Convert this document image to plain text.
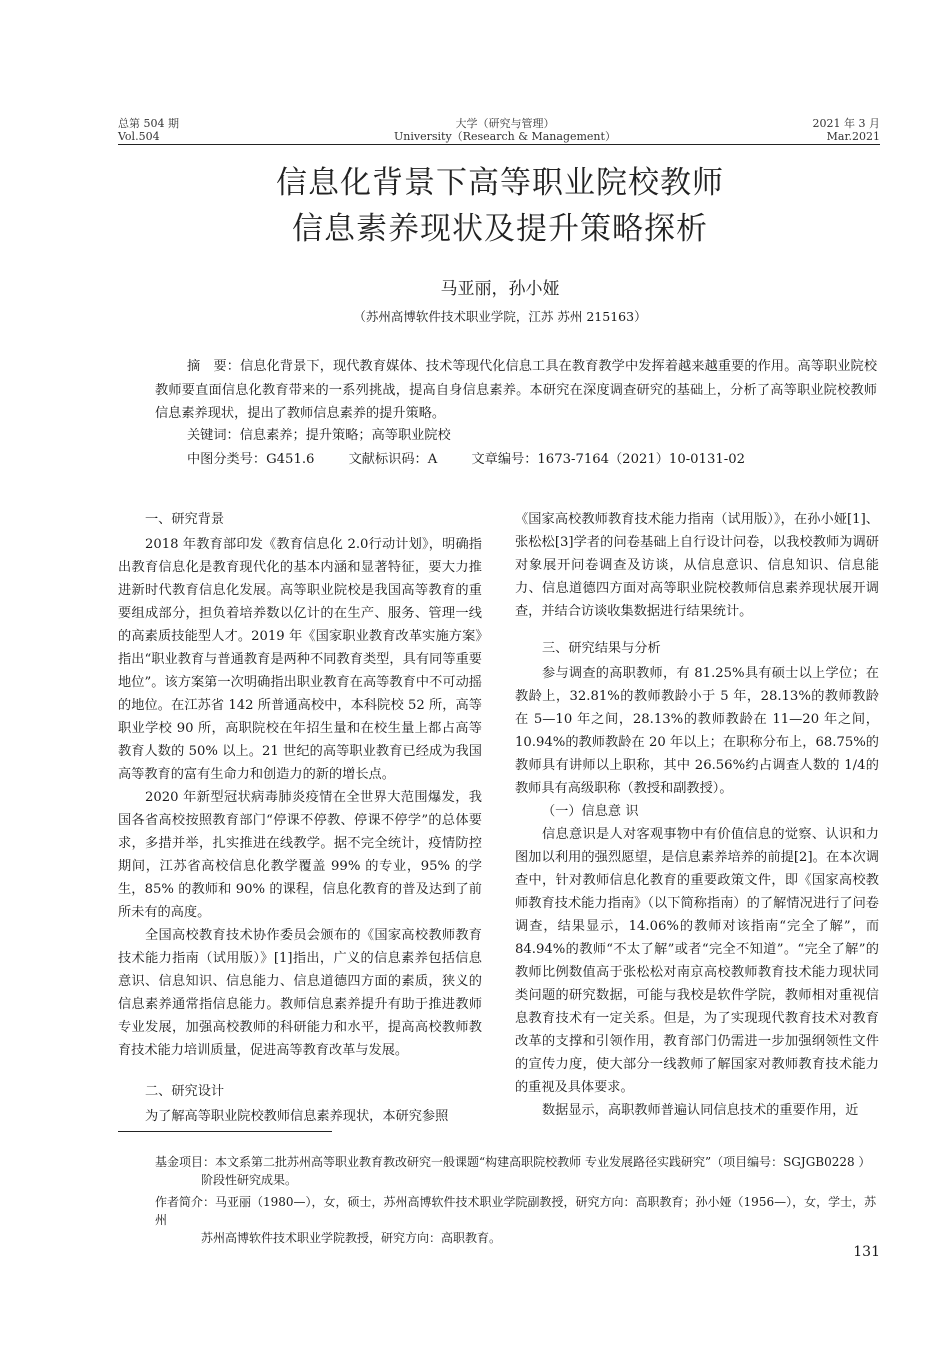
总第 504 期
Vol.504
大学（研究与管理）
University（Research & Management）
2021 年 3 月
Mar.2021
信息化背景下高等职业院校教师
信息素养现状及提升策略探析
马亚丽，孙小娅
（苏州高博软件技术职业学院，江苏 苏州 215163）

摘　要：信息化背景下，现代教育媒体、技术等现代化信息工具在教育教学中发挥着越来越重要的作用。高等职业院校教师要直面信息化教育带来的一系列挑战，提高自身信息素养。本研究在深度调查研究的基础上，分析了高等职业院校教师信息素养现状，提出了教师信息素养的提升策略。

关键词：信息素养；提升策略；高等职业院校
中图分类号：G451.6	文献标识码：A	文章编号：1673-7164（2021）10-0131-02

一、研究背景

2018 年教育部印发《教育信息化 2.0行动计划》，明确指出教育信息化是教育现代化的基本内涵和显著特征，要大力推进新时代教育信息化发展。高等职业院校是我国高等教育的重要组成部分，担负着培养数以亿计的在生产、服务、管理一线的高素质技能型人才。2019 年《国家职业教育改革实施方案》指出“职业教育与普通教育是两种不同教育类型，具有同等重要地位”。该方案第一次明确指出职业教育在高等教育中不可动摇的地位。在江苏省 142 所普通高校中，本科院校 52 所，高等职业学校 90 所，高职院校在年招生量和在校生量上都占高等教育人数的 50% 以上。21 世纪的高等职业教育已经成为我国高等教育的富有生命力和创造力的新的增长点。

2020 年新型冠状病毒肺炎疫情在全世界大范围爆发，我国各省高校按照教育部门“停课不停教、停课不停学”的总体要求，多措并举，扎实推进在线教学。据不完全统计，疫情防控期间，江苏省高校信息化教学覆盖 99% 的专业，95% 的学生，85% 的教师和 90% 的课程，信息化教育的普及达到了前所未有的高度。

全国高校教育技术协作委员会颁布的《国家高校教师教育技术能力指南（试用版）》[1]指出，广义的信息素养包括信息意识、信息知识、信息能力、信息道德四方面的素质，狭义的信息素养通常指信息能力。教师信息素养提升有助于推进教师专业发展，加强高校教师的科研能力和水平，提高高校教师教育技术能力培训质量，促进高等教育改革与发展。

二、研究设计

为了解高等职业院校教师信息素养现状，本研究参照

《国家高校教师教育技术能力指南（试用版）》，在孙小娅[1]、张松松[3]学者的问卷基础上自行设计问卷，以我校教师为调研对象展开问卷调查及访谈，从信息意识、信息知识、信息能力、信息道德四方面对高等职业院校教师信息素养现状展开调查，并结合访谈收集数据进行结果统计。

三、研究结果与分析

参与调查的高职教师，有 81.25%具有硕士以上学位；在教龄上，32.81%的教师教龄小于 5 年，28.13%的教师教龄在 5—10 年之间，28.13%的教师教龄在 11—20 年之间，10.94%的教师教龄在 20 年以上；在职称分布上，68.75%的教师具有讲师以上职称，其中 26.56%约占调查人数的 1/4的教师具有高级职称（教授和副教授）。

（一）信息意 识

信息意识是人对客观事物中有价值信息的觉察、认识和力图加以利用的强烈愿望，是信息素养培养的前提[2]。在本次调查中，针对教师信息化教育的重要政策文件，即《国家高校教师教育技术能力指南》（以下简称指南）的了解情况进行了问卷调查，结果显示，14.06%的教师对该指南“完全了解”，而 84.94%的教师“不太了解”或者“完全不知道”。“完全了解”的教师比例数值高于张松松对南京高校教师教育技术能力现状同类问题的研究数据，可能与我校是软件学院，教师相对重视信息教育技术有一定关系。但是，为了实现现代教育技术对教育改革的支撑和引领作用，教育部门仍需进一步加强纲领性文件的宣传力度，使大部分一线教师了解国家对教师教育技术能力的重视及具体要求。

数据显示，高职教师普遍认同信息技术的重要作用，近

基金项目：本文系第二批苏州高等职业教育教改研究一般课题“构建高职院校教师 专业发展路径实践研究”（项目编号：SGJGB0228 ）
阶段性研究成果。
作者简介：马亚丽（1980—），女，硕士，苏州高博软件技术职业学院副教授，研究方向：高职教育；孙小娅（1956—），女，学士，苏州
苏州高博软件技术职业学院教授，研究方向：高职教育。
131
